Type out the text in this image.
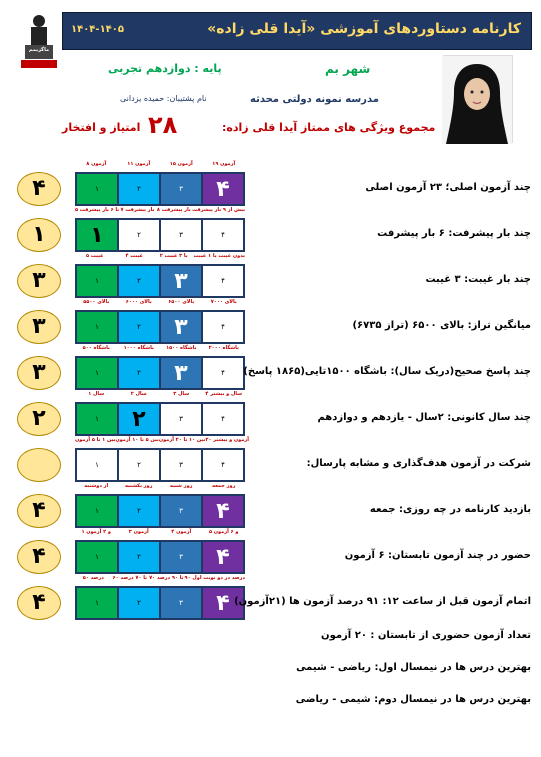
ماگزیمم
کارنامه دستاوردهای آموزشی «آیدا قلی زاده»
۱۴۰۴-۱۴۰۵
شهر بم
پایه : دوازدهم تجربی
مدرسه نمونه دولتی محدثه
نام پشتیبان: حمیده یزدانی
مجموع ویژگی های ممتاز آیدا قلی زاده:
۲۸
امتیاز و افتخار
۸ آزمون	۱۱ آزمون	۱۵ آزمون	۱۹ آزمون
۱	۲	۳	۴
۴	چند آزمون اصلی؛ ۲۳ آزمون اصلی
۵ تا ۶ بار پیشرفت ۷ بار پیشرفت ۸ بار پیشرفت بیش از ۹ بار پیشرفت
۱	۲	۳	۴
۱	چند بار پیشرفت: ۶ بار پیشرفت
۵ غیبت	۴ غیبت	۲ یا ۳ غیبت	بدون غیبت یا ۱ غیبت
۱	۲	۳	۴
۳	چند بار غیبت: ۳ غیبت
بالای ۵۵۰۰	بالای ۶۰۰۰	بالای ۶۵۰۰	بالای ۷۰۰۰
۱	۲	۳	۴
۳	میانگین تراز: بالای ۶۵۰۰ (تراز ۶۷۳۵)
باشگاه ۵۰۰	باشگاه ۱۰۰۰	باشگاه ۱۵۰۰	باشگاه ۲۰۰۰
۱	۲	۳	۴
۳	چند پاسخ صحیح(دریک سال): باشگاه ۱۵۰۰تایی(۱۸۶۵ پاسخ)
۱ سال	۲ سال	۳ سال	۴ سال و بیشتر
۱	۲	۳	۴
۲	چند سال کانونی: ۲سال - یازدهم و دوازدهم
بین ۱ تا ۵ آزمون بین ۵ تا ۱۰ آزمون بین ۱۰ تا ۲۰ آزمون ۲۰ آزمون و بیشتر
۱	۲	۳	۴	شرکت در آزمون هدف‌گذاری و مشابه پارسال:
از دوشنبه	روز یکشنبه	روز شنبه	روز جمعه
۱	۲	۳	۴
۴	بازدید کارنامه در چه روزی: جمعه
۱ و ۲ آزمون	۳ آزمون	۴ آزمون	۵ و ۶ آزمون
۱	۲	۳	۴
۴	حضور در چند آزمون تابستان: ۶ آزمون
۵۰ درصد	۶۰ تا ۷۰ درصد ۷۰ تا ۹۰ درصد ۹۰ درصد در دو نوبت اول
۱	۲	۳	۴
۴	اتمام آزمون قبل از ساعت ۱۲: ۹۱ درصد آزمون ها (۲۱آزمون)
تعداد آزمون حضوری از تابستان : ۲۰ آزمون
بهترین درس ها در نیمسال اول: ریاضی - شیمی
بهترین درس ها در نیمسال دوم: شیمی - ریاضی
